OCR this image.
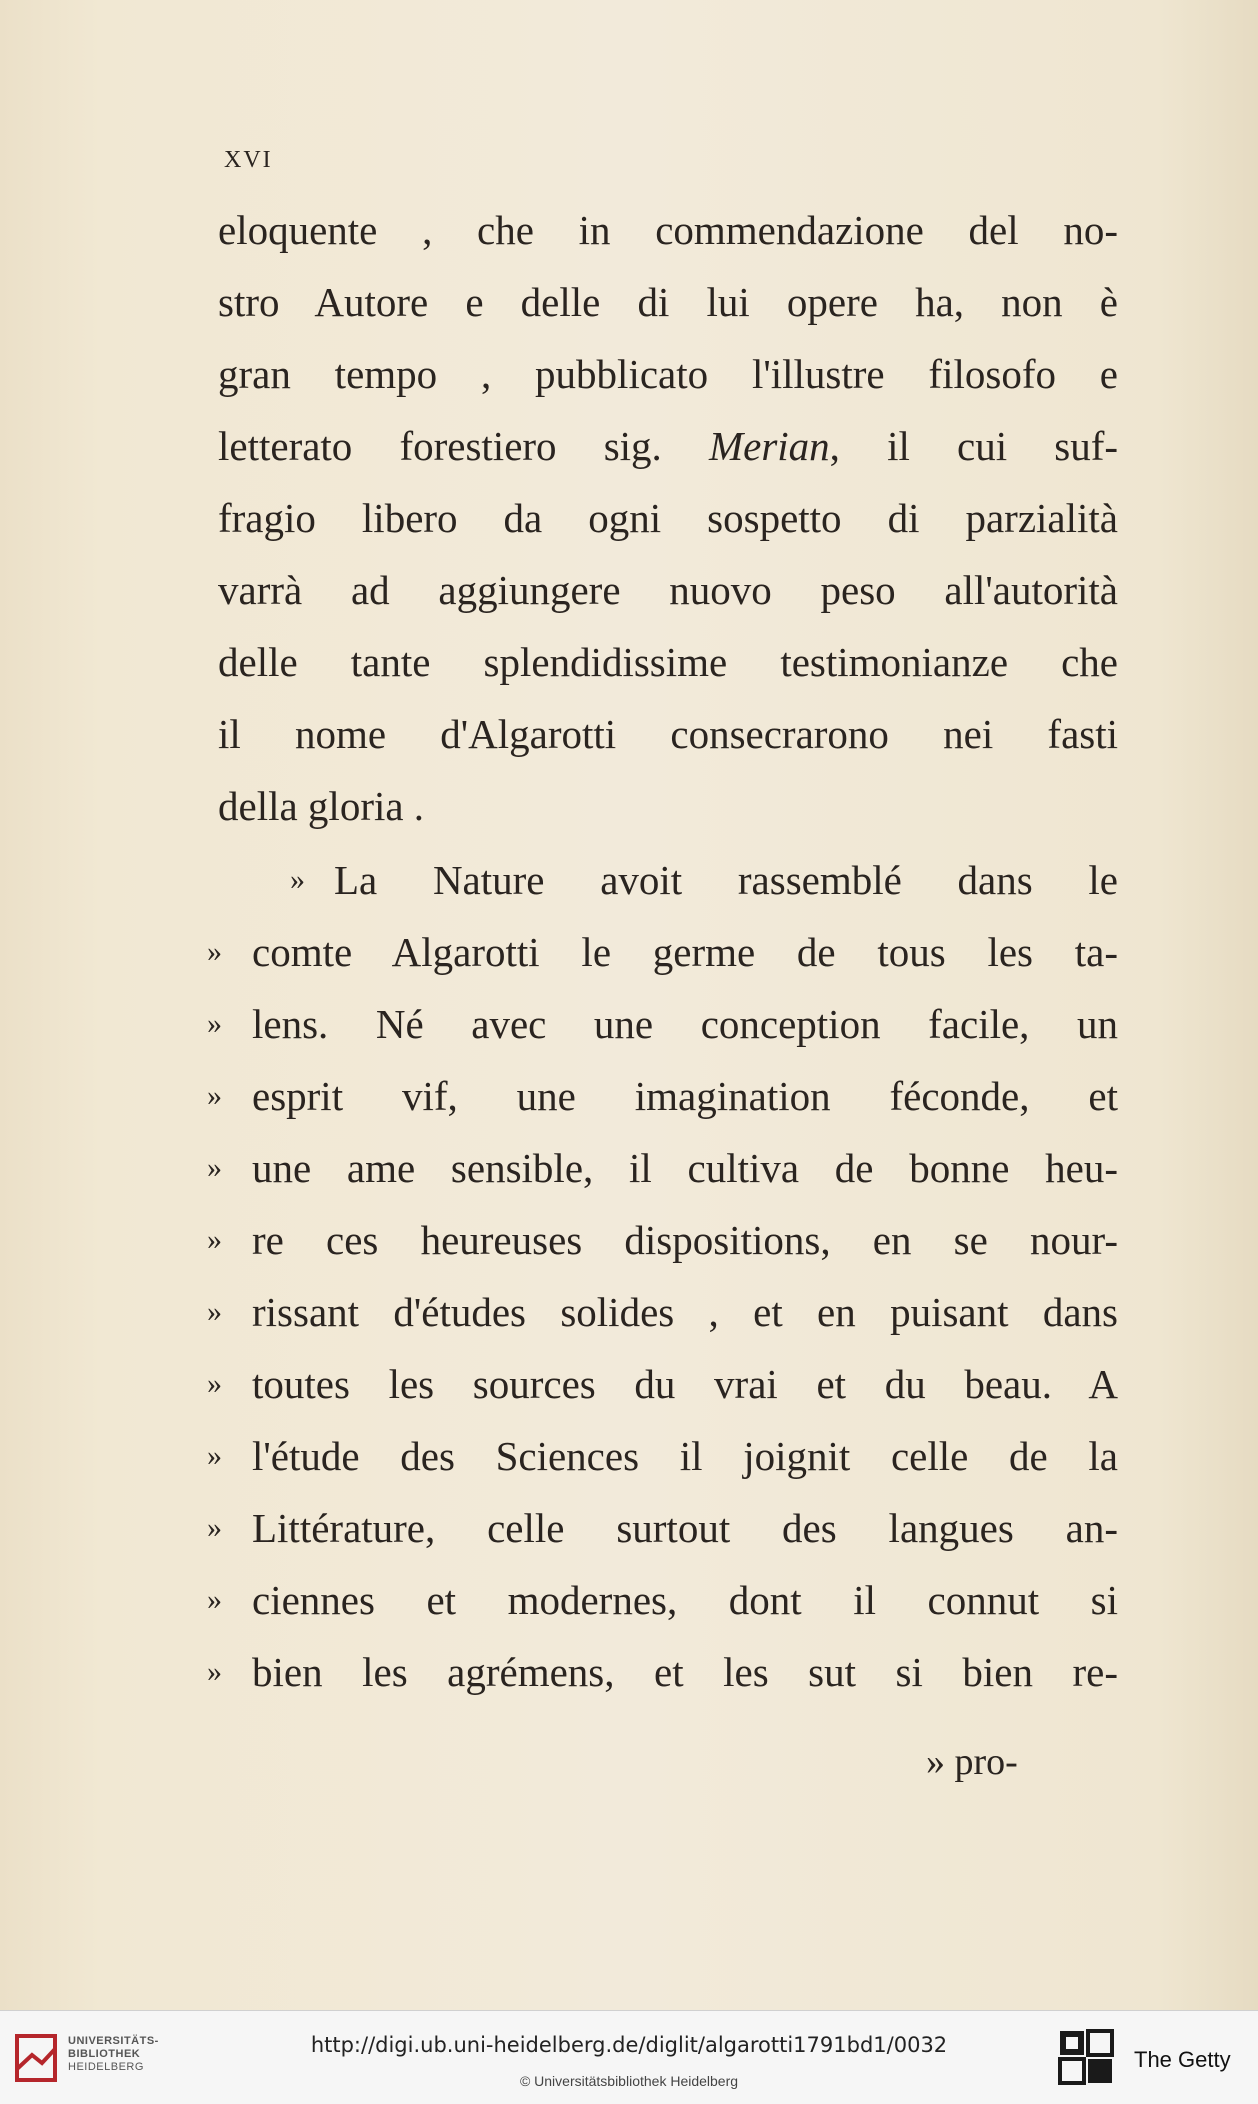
xvi
eloquente , che in commendazione del no-
stro Autore e delle di lui opere ha, non è
gran tempo , pubblicato l'illustre filosofo e
letterato forestiero sig. Merian, il cui suf-
fragio libero da ogni sospetto di parzialità
varrà ad aggiungere nuovo peso all'autorità
delle tante splendidissime testimonianze che
il nome d'Algarotti consecrarono nei fasti
della gloria .
» La Nature avoit rassemblé dans le
» comte Algarotti le germe de tous les ta-
» lens. Né avec une conception facile, un
» esprit vif, une imagination féconde, et
» une ame sensible, il cultiva de bonne heu-
» re ces heureuses dispositions, en se nour-
» rissant d'études solides , et en puisant dans
» toutes les sources du vrai et du beau. A
» l'étude des Sciences il joignit celle de la
» Littérature, celle surtout des langues an-
» ciennes et modernes, dont il connut si
» bien les agrémens, et les sut si bien re-
» pro-
UNIVERSITÄTS-
BIBLIOTHEK
HEIDELBERG
http://digi.ub.uni-heidelberg.de/diglit/algarotti1791bd1/0032
© Universitätsbibliothek Heidelberg
The Getty
